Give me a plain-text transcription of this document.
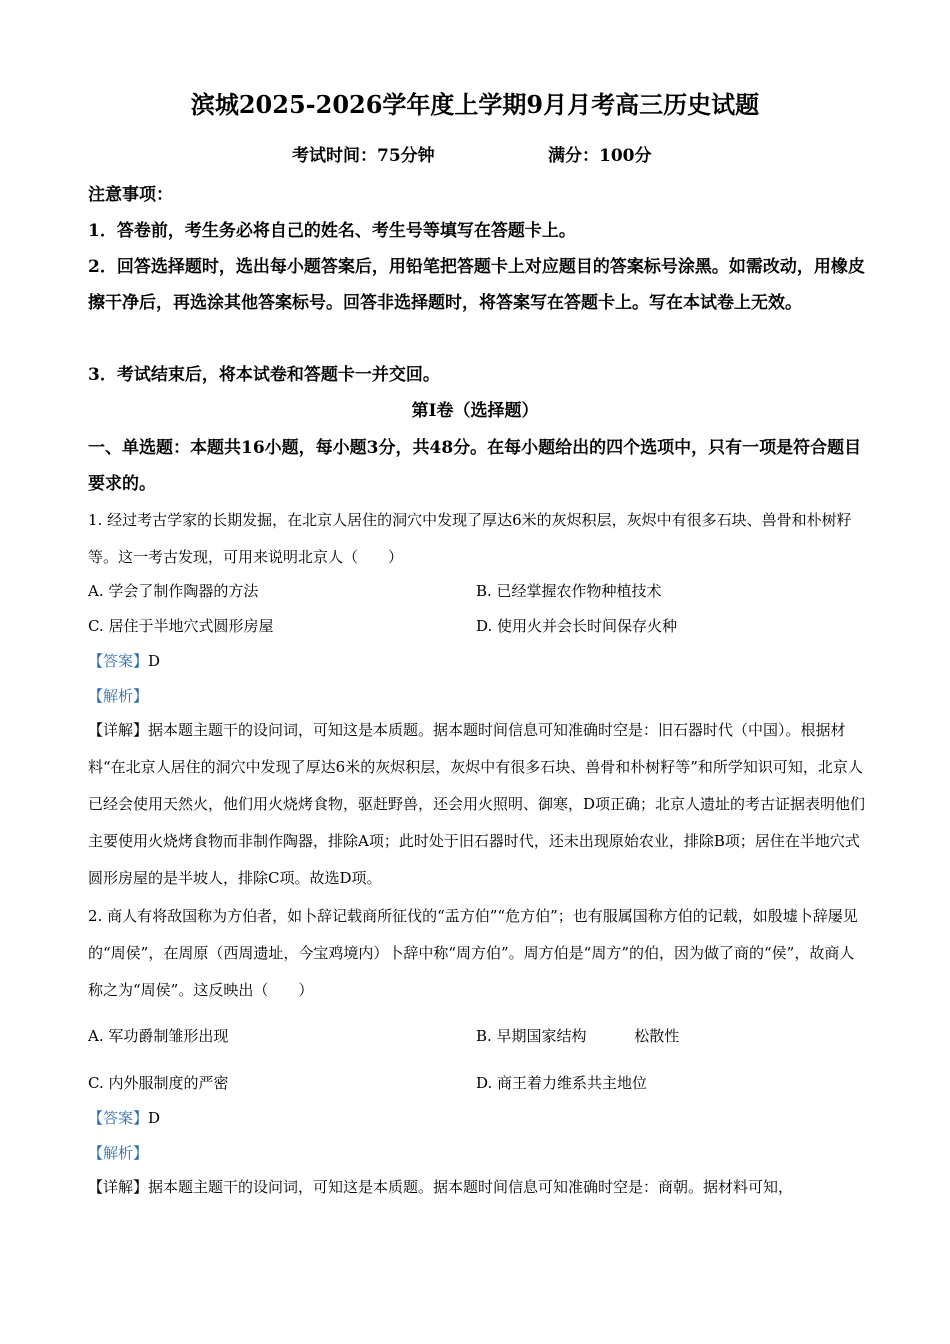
滨城2025-2026学年度上学期9月月考高三历史试题
考试时间：75分钟	满分：100分
注意事项：
1．答卷前，考生务必将自己的姓名、考生号等填写在答题卡上。
2．回答选择题时，选出每小题答案后，用铅笔把答题卡上对应题目的答案标号涂黑。如需改动，用橡皮擦干净后，再选涂其他答案标号。回答非选择题时，将答案写在答题卡上。写在本试卷上无效。
3．考试结束后，将本试卷和答题卡一并交回。
第Ⅰ卷（选择题）
一、单选题：本题共16小题，每小题3分，共48分。在每小题给出的四个选项中，只有一项是符合题目要求的。
1. 经过考古学家的长期发掘，在北京人居住的洞穴中发现了厚达6米的灰烬积层，灰烬中有很多石块、兽骨和朴树籽等。这一考古发现，可用来说明北京人（　　）
A. 学会了制作陶器的方法	B. 已经掌握农作物种植技术
C. 居住于半地穴式圆形房屋	D. 使用火并会长时间保存火种
【答案】D
【解析】
【详解】据本题主题干的设问词，可知这是本质题。据本题时间信息可知准确时空是：旧石器时代（中国）。根据材料“在北京人居住的洞穴中发现了厚达6米的灰烬积层，灰烬中有很多石块、兽骨和朴树籽等”和所学知识可知，北京人已经会使用天然火，他们用火烧烤食物，驱赶野兽，还会用火照明、御寒，D项正确；北京人遗址的考古证据表明他们主要使用火烧烤食物而非制作陶器，排除A项；此时处于旧石器时代，还未出现原始农业，排除B项；居住在半地穴式圆形房屋的是半坡人，排除C项。故选D项。
2. 商人有将敌国称为方伯者，如卜辞记载商所征伐的“盂方伯”“危方伯”；也有服属国称方伯的记载，如殷墟卜辞屡见的“周侯”，在周原（西周遗址，今宝鸡境内）卜辞中称“周方伯”。周方伯是“周方”的伯，因为做了商的“侯”，故商人称之为“周侯”。这反映出（　　）
A. 军功爵制雏形出现	B. 早期国家结构          松散性
C. 内外服制度的严密	D. 商王着力维系共主地位
【答案】D
【解析】
【详解】据本题主题干的设问词，可知这是本质题。据本题时间信息可知准确时空是：商朝。据材料可知，
